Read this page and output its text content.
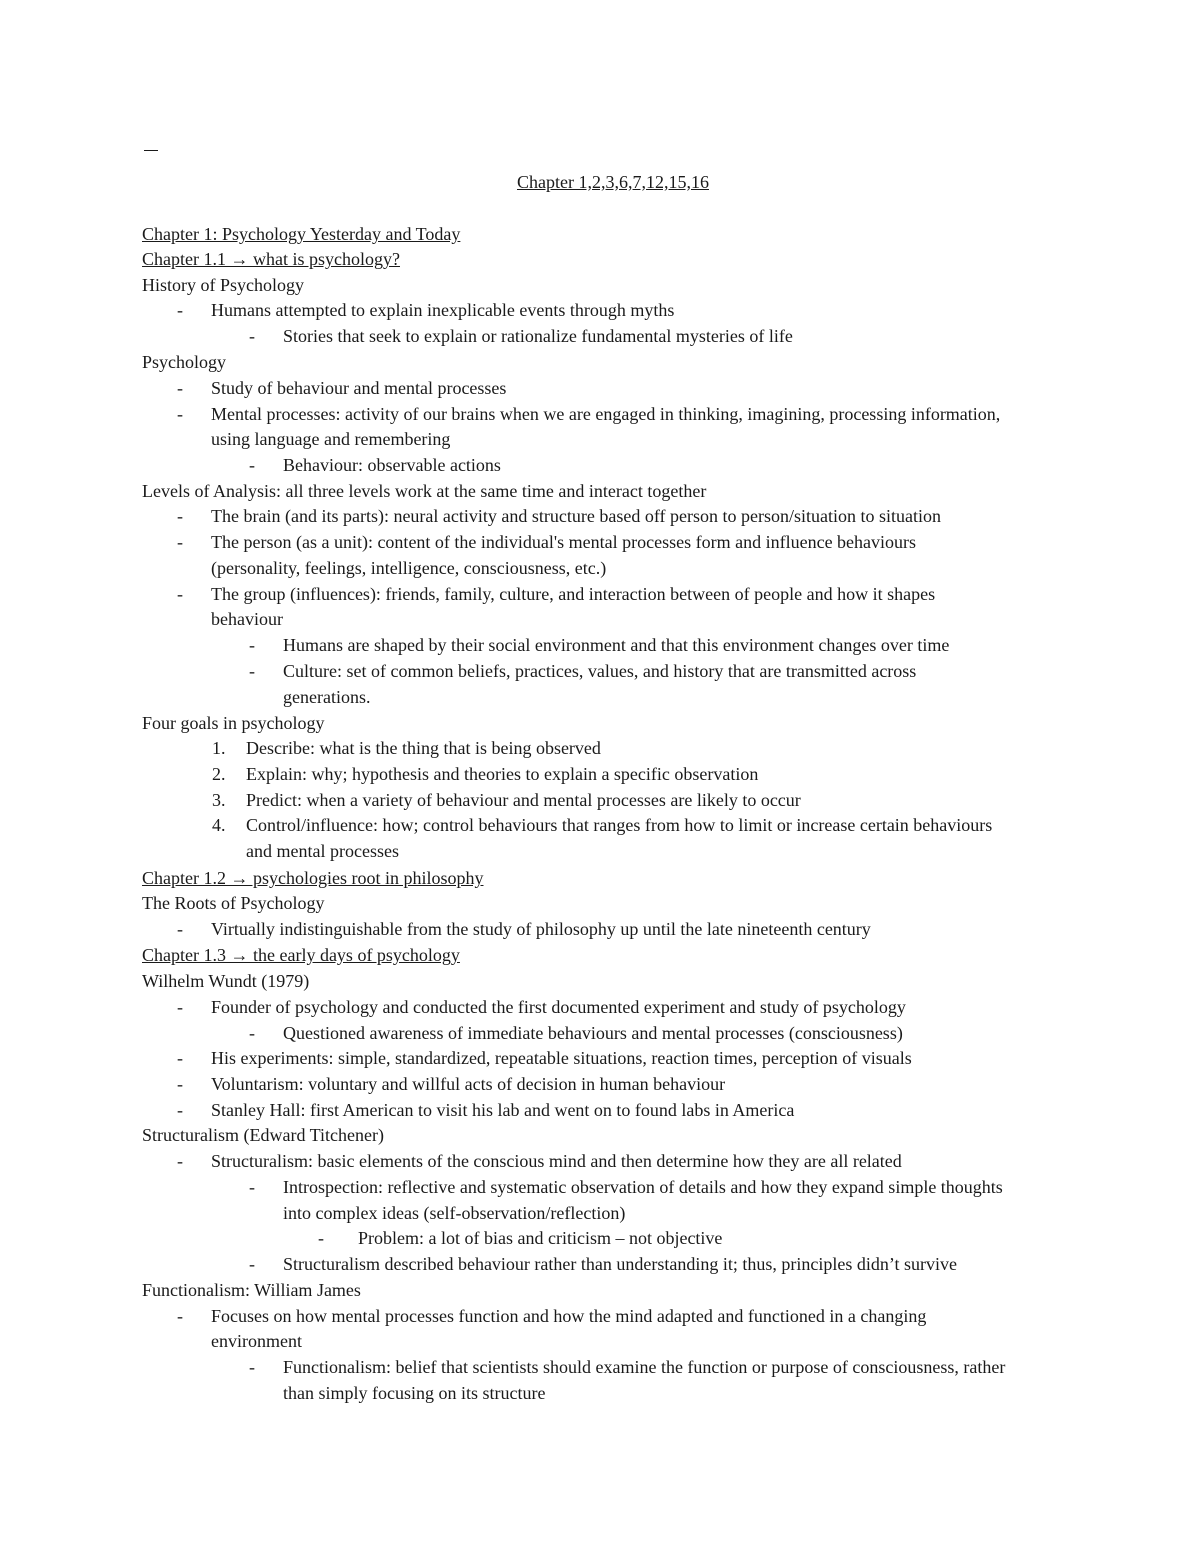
Chapter 1,2,3,6,7,12,15,16
Chapter 1: Psychology Yesterday and Today
Chapter 1.1 → what is psychology?
History of Psychology
- Humans attempted to explain inexplicable events through myths
- Stories that seek to explain or rationalize fundamental mysteries of life
Psychology
- Study of behaviour and mental processes
- Mental processes: activity of our brains when we are engaged in thinking, imagining, processing information,
using language and remembering
- Behaviour: observable actions
Levels of Analysis: all three levels work at the same time and interact together
- The brain (and its parts): neural activity and structure based off person to person/situation to situation
- The person (as a unit): content of the individual's mental processes form and influence behaviours
(personality, feelings, intelligence, consciousness, etc.)
- The group (influences): friends, family, culture, and interaction between of people and how it shapes
behaviour
- Humans are shaped by their social environment and that this environment changes over time
- Culture: set of common beliefs, practices, values, and history that are transmitted across
generations.
Four goals in psychology
1. Describe: what is the thing that is being observed
2. Explain: why; hypothesis and theories to explain a specific observation
3. Predict: when a variety of behaviour and mental processes are likely to occur
4. Control/influence: how; control behaviours that ranges from how to limit or increase certain behaviours
and mental processes
Chapter 1.2 → psychologies root in philosophy
The Roots of Psychology
- Virtually indistinguishable from the study of philosophy up until the late nineteenth century
Chapter 1.3 → the early days of psychology
Wilhelm Wundt (1979)
- Founder of psychology and conducted the first documented experiment and study of psychology
- Questioned awareness of immediate behaviours and mental processes (consciousness)
- His experiments: simple, standardized, repeatable situations, reaction times, perception of visuals
- Voluntarism: voluntary and willful acts of decision in human behaviour
- Stanley Hall: first American to visit his lab and went on to found labs in America
Structuralism (Edward Titchener)
- Structuralism: basic elements of the conscious mind and then determine how they are all related
- Introspection: reflective and systematic observation of details and how they expand simple thoughts
into complex ideas (self-observation/reflection)
- Problem: a lot of bias and criticism – not objective
- Structuralism described behaviour rather than understanding it; thus, principles didn’t survive
Functionalism: William James
- Focuses on how mental processes function and how the mind adapted and functioned in a changing
environment
- Functionalism: belief that scientists should examine the function or purpose of consciousness, rather
than simply focusing on its structure
